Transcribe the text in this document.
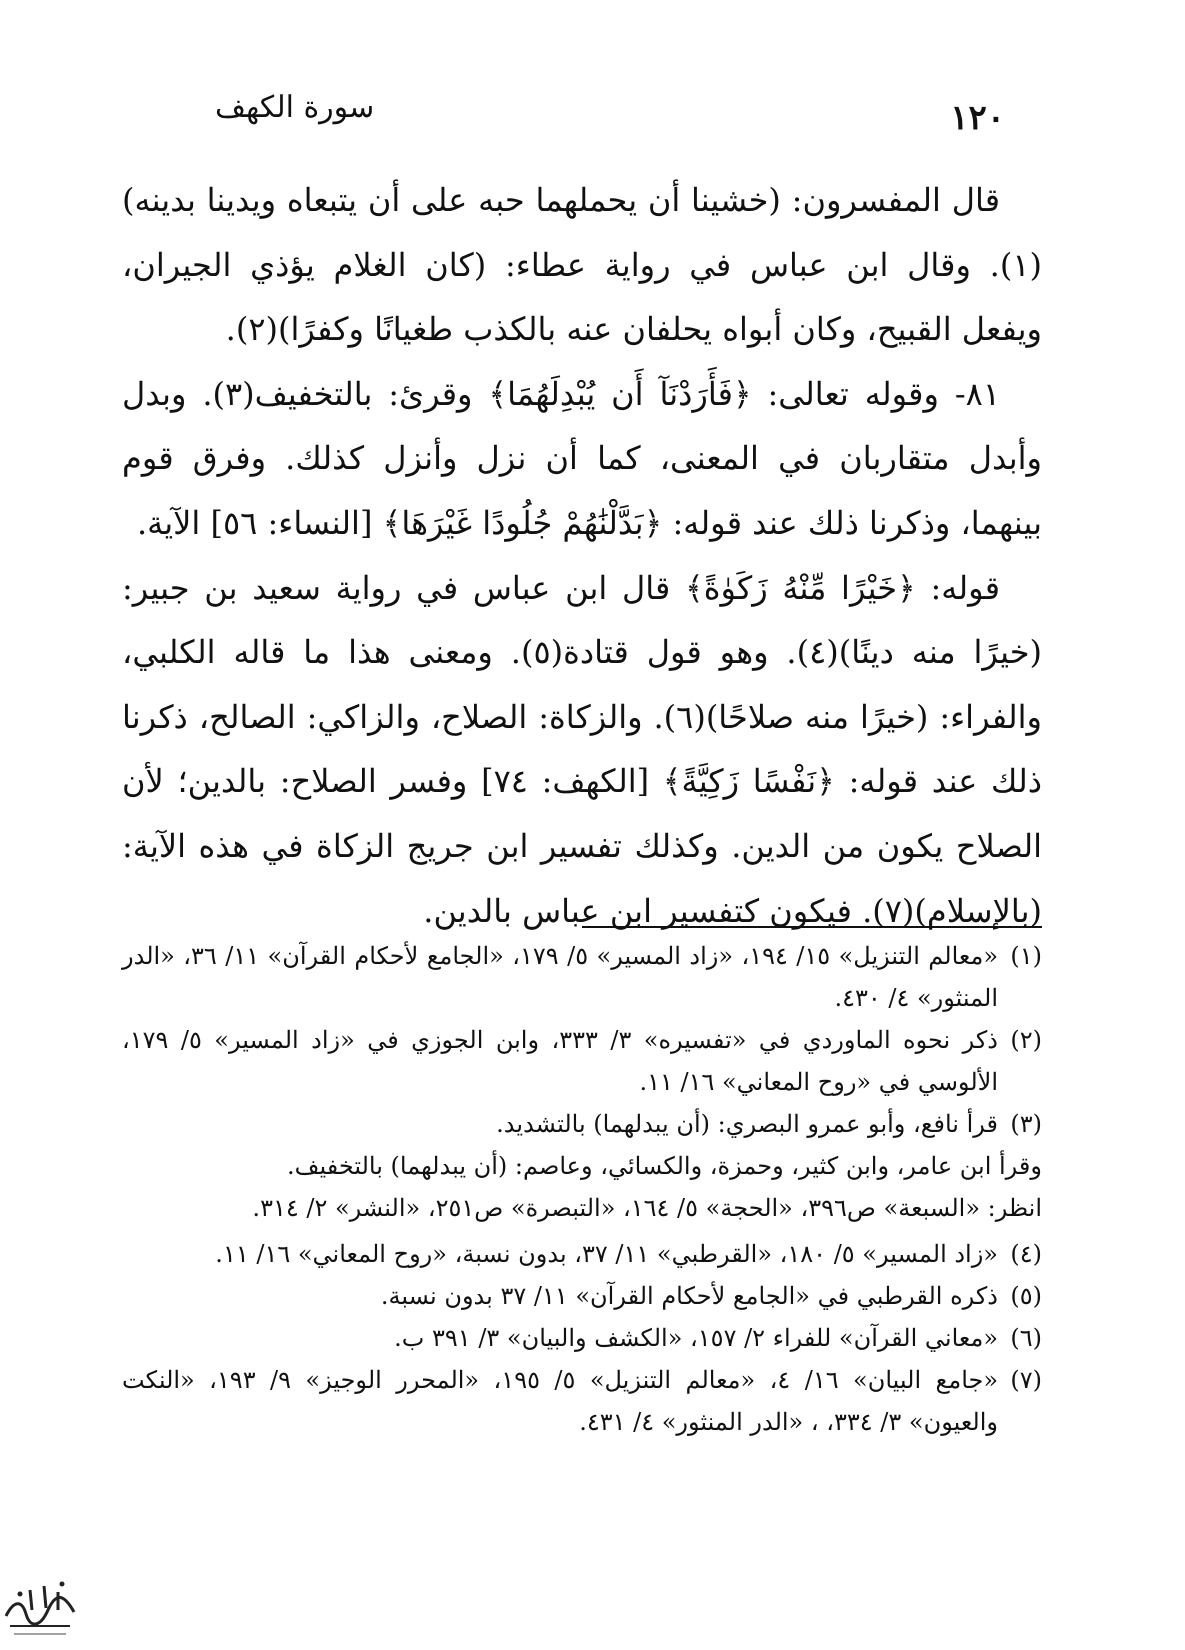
سورة الكهف	١٢٠

قال المفسرون: (خشينا أن يحملهما حبه على أن يتبعاه ويدينا بدينه)(١). وقال ابن عباس في رواية عطاء: (كان الغلام يؤذي الجيران، ويفعل القبيح، وكان أبواه يحلفان عنه بالكذب طغيانًا وكفرًا)(٢).

٨١- وقوله تعالى: ﴿فَأَرَدْنَآ أَن يُبْدِلَهُمَا﴾ وقرئ: بالتخفيف(٣). وبدل وأبدل متقاربان في المعنى، كما أن نزل وأنزل كذلك. وفرق قوم بينهما، وذكرنا ذلك عند قوله: ﴿بَدَّلْنَٰهُمْ جُلُودًا غَيْرَهَا﴾ [النساء: ٥٦] الآية.

قوله: ﴿خَيْرًا مِّنْهُ زَكَوٰةً﴾ قال ابن عباس في رواية سعيد بن جبير: (خيرًا منه دينًا)(٤). وهو قول قتادة(٥). ومعنى هذا ما قاله الكلبي، والفراء: (خيرًا منه صلاحًا)(٦). والزكاة: الصلاح، والزاكي: الصالح، ذكرنا ذلك عند قوله: ﴿نَفْسًا زَكِيَّةً﴾ [الكهف: ٧٤] وفسر الصلاح: بالدين؛ لأن الصلاح يكون من الدين. وكذلك تفسير ابن جريج الزكاة في هذه الآية: (بالإسلام)(٧). فيكون كتفسير ابن عباس بالدين.

(١)
«معالم التنزيل» ١٥/ ١٩٤، «زاد المسير» ٥/ ١٧٩، «الجامع لأحكام القرآن» ١١/ ٣٦، «الدر المنثور» ٤/ ٤٣٠.
(٢)
ذكر نحوه الماوردي في «تفسيره» ٣/ ٣٣٣، وابن الجوزي في «زاد المسير» ٥/ ١٧٩، الألوسي في «روح المعاني» ١٦/ ١١.
(٣)
قرأ نافع، وأبو عمرو البصري: (أن يبدلهما) بالتشديد.
وقرأ ابن عامر، وابن كثير، وحمزة، والكسائي، وعاصم: (أن يبدلهما) بالتخفيف.
انظر: «السبعة» ص٣٩٦، «الحجة» ٥/ ١٦٤، «التبصرة» ص٢٥١، «النشر» ٢/ ٣١٤.
(٤)
«زاد المسير» ٥/ ١٨٠، «القرطبي» ١١/ ٣٧، بدون نسبة، «روح المعاني» ١٦/ ١١.
(٥)
ذكره القرطبي في «الجامع لأحكام القرآن» ١١/ ٣٧ بدون نسبة.
(٦)
«معاني القرآن» للفراء ٢/ ١٥٧، «الكشف والبيان» ٣/ ٣٩١ ب.
(٧)
«جامع البيان» ١٦/ ٤، «معالم التنزيل» ٥/ ١٩٥، «المحرر الوجيز» ٩/ ١٩٣، «النكت والعيون» ٣/ ٣٣٤، ، «الدر المنثور» ٤/ ٤٣١.
